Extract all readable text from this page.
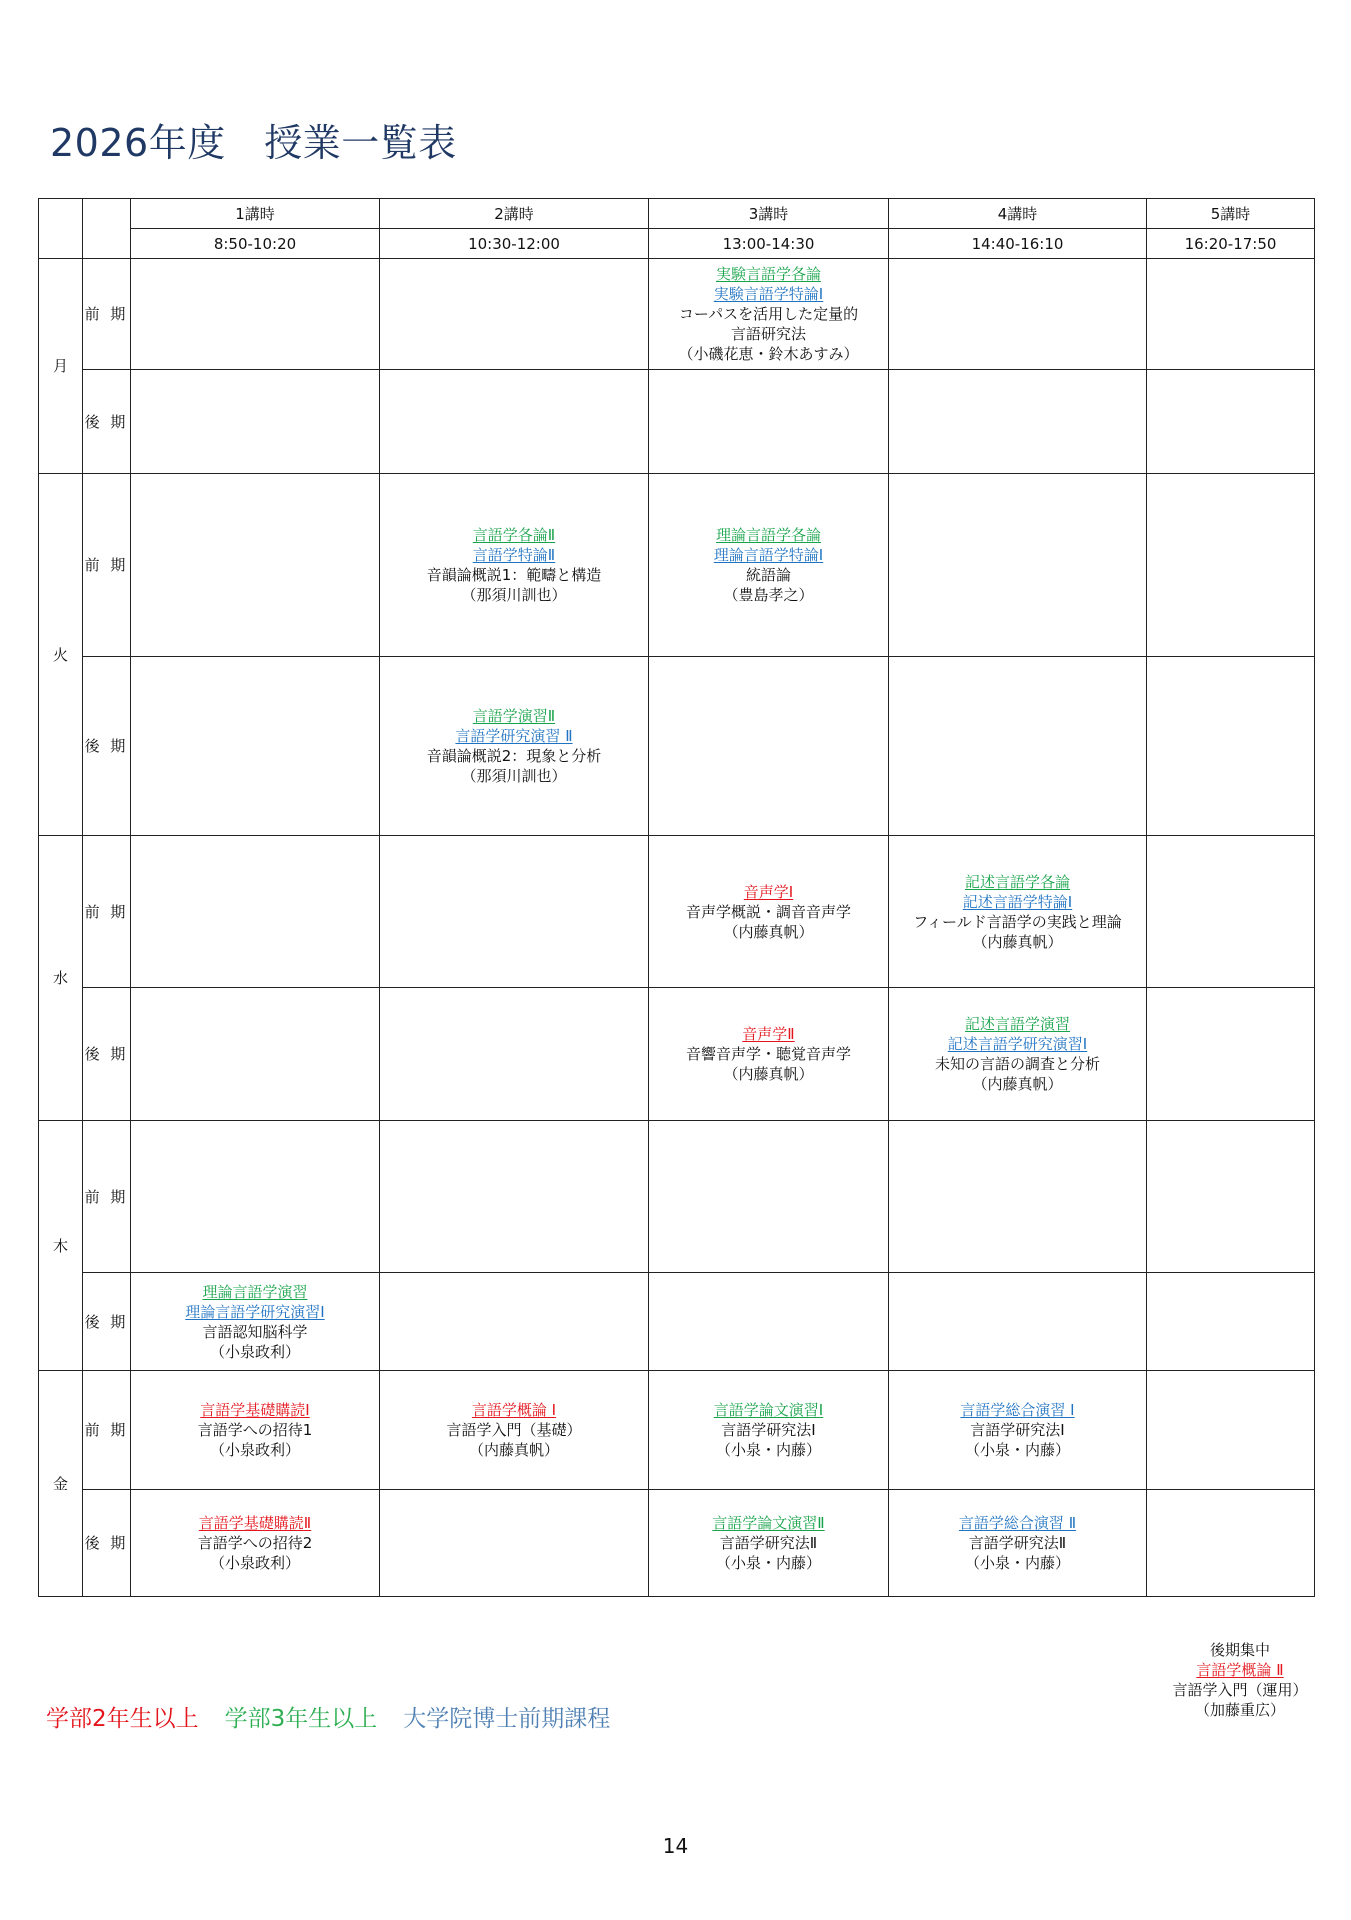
2026年度　授業一覧表
		1講時	2講時	3講時	4講時	5講時
		8:50-10:20	10:30-12:00	13:00-14:30	14:40-16:10	16:20-17:50
月	前 期			実験言語学各論
実験言語学特論Ⅰ
コーパスを活用した定量的
言語研究法
（小磯花恵・鈴木あすみ）		

	後 期					
火	前 期		言語学各論Ⅱ
言語学特論Ⅱ
音韻論概説1：範疇と構造
（那須川訓也）	理論言語学各論
理論言語学特論Ⅰ
統語論
（豊島孝之）		

	後 期		言語学演習Ⅱ
言語学研究演習 Ⅱ
音韻論概説2：現象と分析
（那須川訓也）			

水	前 期			音声学Ⅰ
音声学概説・調音音声学
（内藤真帆）	記述言語学各論
記述言語学特論Ⅰ
フィールド言語学の実践と理論
（内藤真帆）	

	後 期			音声学Ⅱ
音響音声学・聴覚音声学
（内藤真帆）	記述言語学演習
記述言語学研究演習Ⅰ
未知の言語の調査と分析
（内藤真帆）	

木	前 期					
	後 期	理論言語学演習
理論言語学研究演習Ⅰ
言語認知脳科学
（小泉政利）				

金	前 期	言語学基礎購読Ⅰ
言語学への招待1
（小泉政利）	言語学概論 Ⅰ
言語学入門（基礎）
（内藤真帆）	言語学論文演習Ⅰ
言語学研究法Ⅰ
（小泉・内藤）	言語学総合演習 Ⅰ
言語学研究法Ⅰ
（小泉・内藤）	

	後 期	言語学基礎購読Ⅱ
言語学への招待2
（小泉政利）		言語学論文演習Ⅱ
言語学研究法Ⅱ
（小泉・内藤）	言語学総合演習 Ⅱ
言語学研究法Ⅱ
（小泉・内藤）	

学部2年生以上 学部3年生以上 大学院博士前期課程
後期集中
言語学概論 Ⅱ
言語学入門（運用）
（加藤重広）
14
